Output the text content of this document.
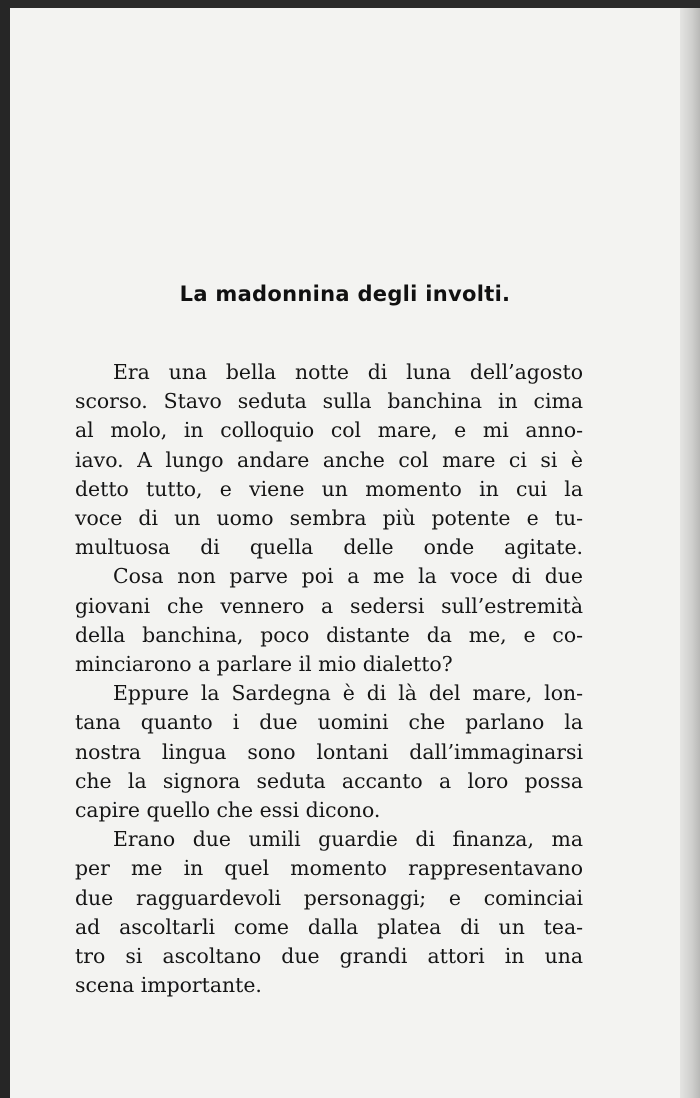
La madonnina degli involti.
Era una bella notte di luna dell’agosto
scorso. Stavo seduta sulla banchina in cima
al molo, in colloquio col mare, e mi anno-
iavo. A lungo andare anche col mare ci si è
detto tutto, e viene un momento in cui la
voce di un uomo sembra più potente e tu-
multuosa di quella delle onde agitate.
Cosa non parve poi a me la voce di due
giovani che vennero a sedersi sull’estremità
della banchina, poco distante da me, e co-
minciarono a parlare il mio dialetto?
Eppure la Sardegna è di là del mare, lon-
tana quanto i due uomini che parlano la
nostra lingua sono lontani dall’immaginarsi
che la signora seduta accanto a loro possa
capire quello che essi dicono.
Erano due umili guardie di finanza, ma
per me in quel momento rappresentavano
due ragguardevoli personaggi; e cominciai
ad ascoltarli come dalla platea di un tea-
tro si ascoltano due grandi attori in una
scena importante.
